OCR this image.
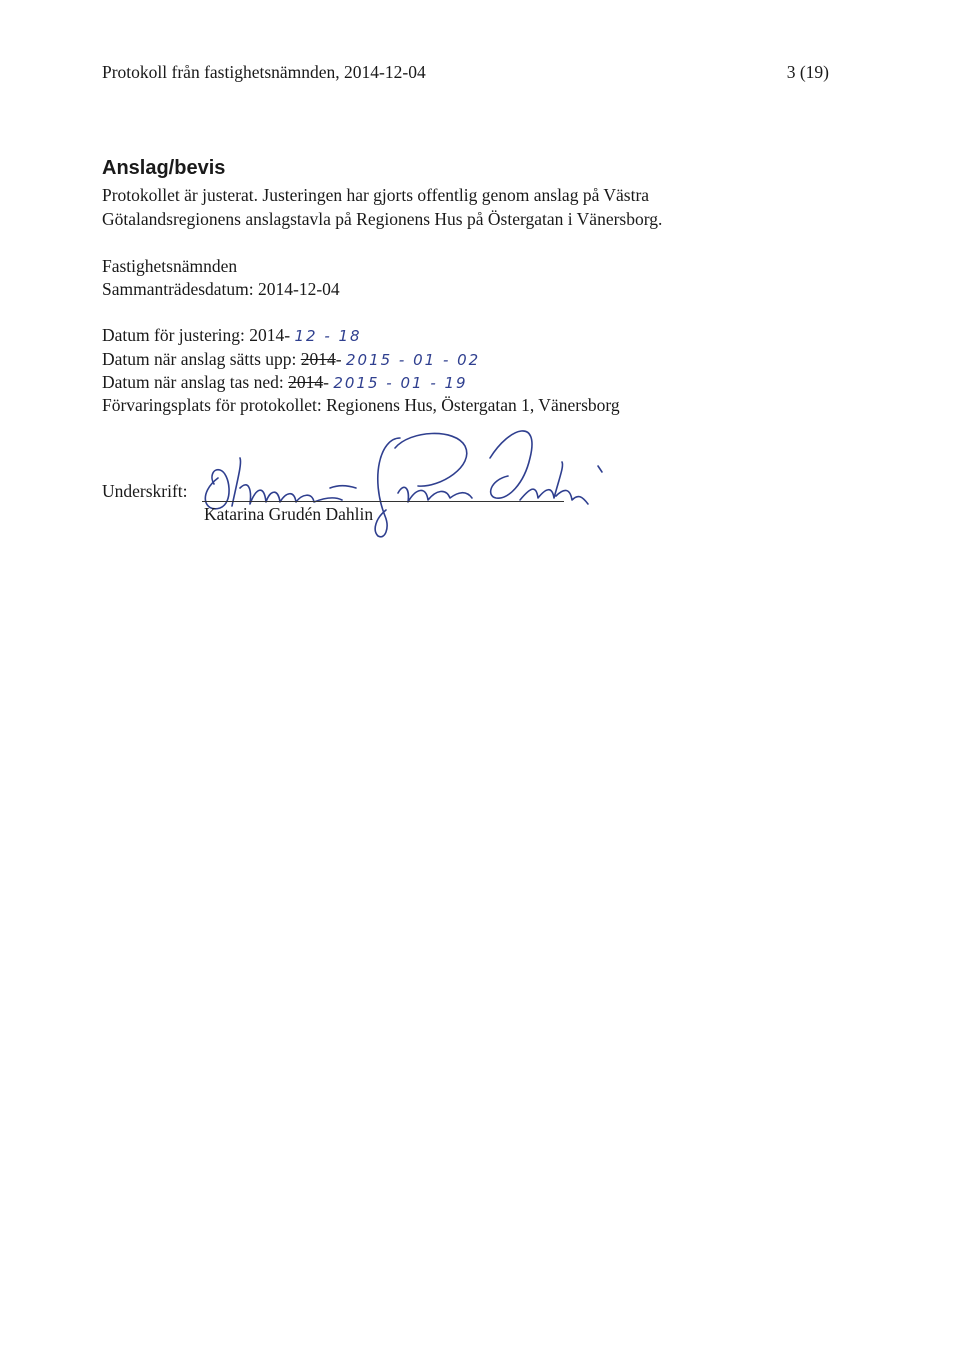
Protokoll från fastighetsnämnden, 2014-12-04	3 (19)
Anslag/bevis
Protokollet är justerat. Justeringen har gjorts offentlig genom anslag på Västra
Götalandsregionens anslagstavla på Regionens Hus på Östergatan i Vänersborg.
Fastighetsnämnden
Sammanträdesdatum: 2014-12-04
Datum för justering: 2014- 12 - 18
Datum när anslag sätts upp: 2014- 2015 - 01 - 02
Datum när anslag tas ned: 2014- 2015 - 01 - 19
Förvaringsplats för protokollet: Regionens Hus, Östergatan 1, Vänersborg
Underskrift:
Katarina Grudén Dahlin
